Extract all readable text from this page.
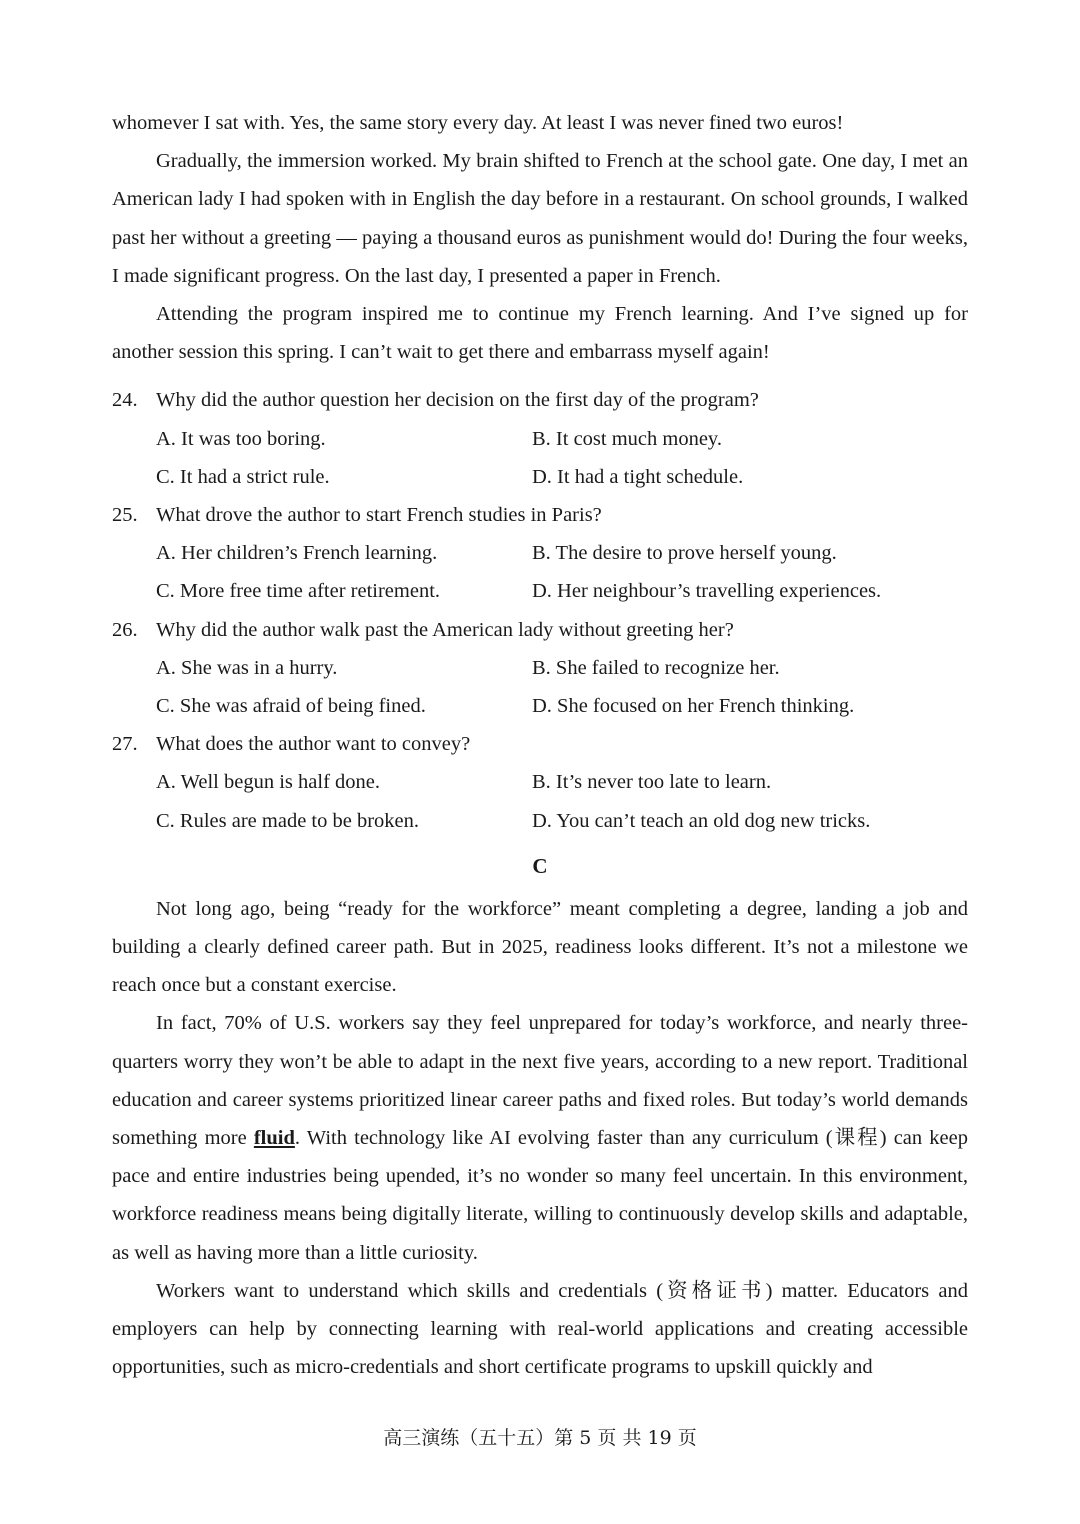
whomever I sat with. Yes, the same story every day. At least I was never fined two euros!

Gradually, the immersion worked. My brain shifted to French at the school gate. One day, I met an American lady I had spoken with in English the day before in a restaurant. On school grounds, I walked past her without a greeting — paying a thousand euros as punishment would do! During the four weeks, I made significant progress. On the last day, I presented a paper in French.

Attending the program inspired me to continue my French learning. And I’ve signed up for another session this spring. I can’t wait to get there and embarrass myself again!

24. Why did the author question her decision on the first day of the program?
A. It was too boring.	B. It cost much money.
C. It had a strict rule.	D. It had a tight schedule.
25. What drove the author to start French studies in Paris?
A. Her children’s French learning.	B. The desire to prove herself young.
C. More free time after retirement.	D. Her neighbour’s travelling experiences.
26. Why did the author walk past the American lady without greeting her?
A. She was in a hurry.	B. She failed to recognize her.
C. She was afraid of being fined.	D. She focused on her French thinking.
27. What does the author want to convey?
A. Well begun is half done.	B. It’s never too late to learn.
C. Rules are made to be broken.	D. You can’t teach an old dog new tricks.
C

Not long ago, being “ready for the workforce” meant completing a degree, landing a job and building a clearly defined career path. But in 2025, readiness looks different. It’s not a milestone we reach once but a constant exercise.

In fact, 70% of U.S. workers say they feel unprepared for today’s workforce, and nearly three-quarters worry they won’t be able to adapt in the next five years, according to a new report. Traditional education and career systems prioritized linear career paths and fixed roles. But today’s world demands something more fluid. With technology like AI evolving faster than any curriculum (课程) can keep pace and entire industries being upended, it’s no wonder so many feel uncertain. In this environment, workforce readiness means being digitally literate, willing to continuously develop skills and adaptable, as well as having more than a little curiosity.

Workers want to understand which skills and credentials (资格证书) matter. Educators and employers can help by connecting learning with real-world applications and creating accessible opportunities, such as micro-credentials and short certificate programs to upskill quickly and

高三演练（五十五）第 5 页 共 19 页
